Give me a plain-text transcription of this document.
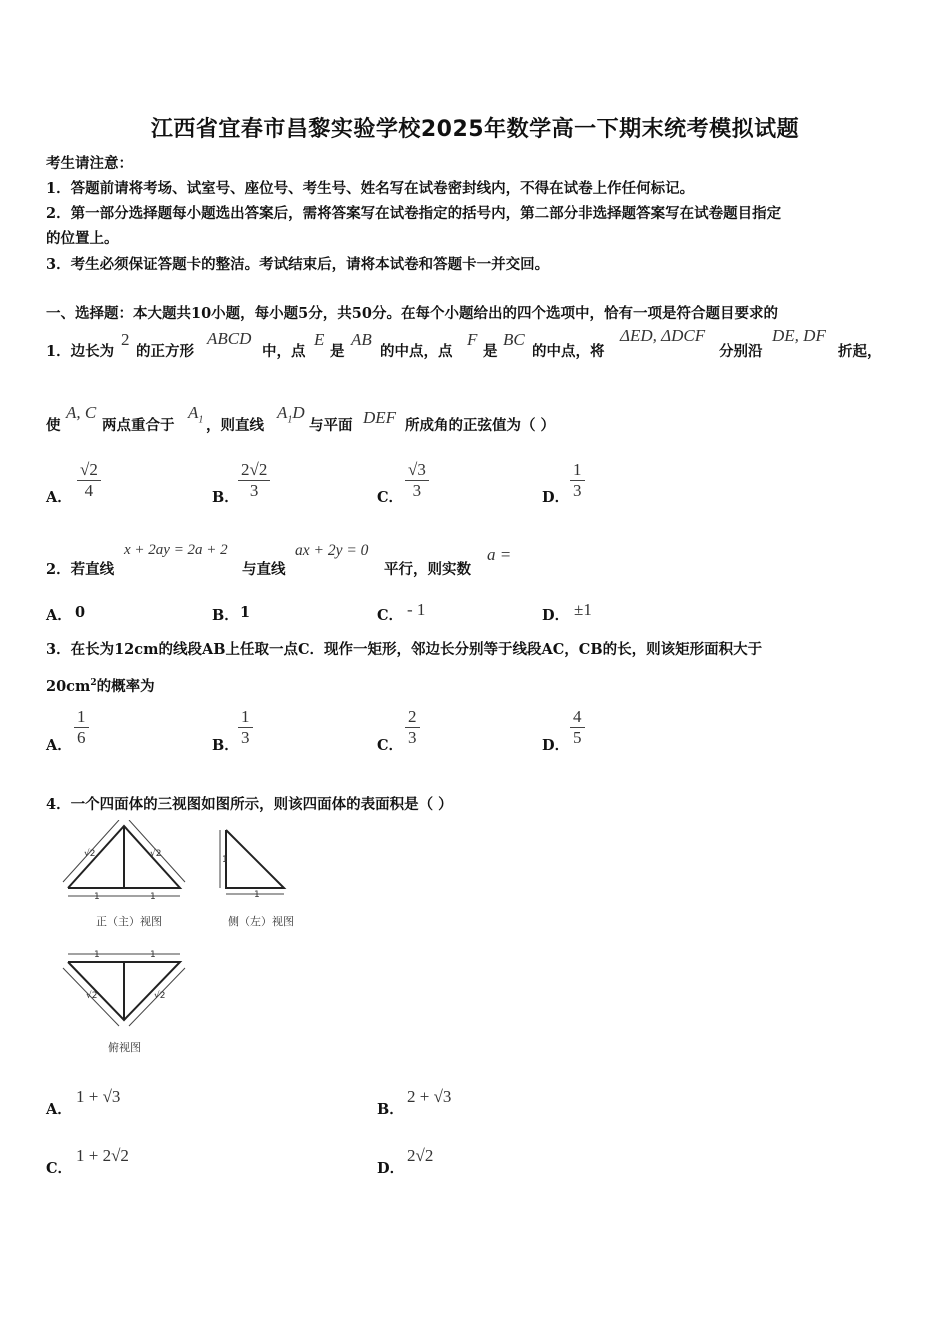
江西省宜春市昌黎实验学校2025年数学高一下期末统考模拟试题
考生请注意：
1．答题前请将考场、试室号、座位号、考生号、姓名写在试卷密封线内，不得在试卷上作任何标记。
2．第一部分选择题每小题选出答案后，需将答案写在试卷指定的括号内，第二部分非选择题答案写在试卷题目指定
的位置上。
3．考生必须保证答题卡的整洁。考试结束后，请将本试卷和答题卡一并交回。
一、选择题：本大题共10小题，每小题5分，共50分。在每个小题给出的四个选项中，恰有一项是符合题目要求的
1．边长为
2
的正方形
ABCD
中，点
E
是
AB
的中点，点
F
是
BC
的中点，将
ΔED, ΔDCF
分别沿
DE, DF
折起，
使
A, C
两点重合于
$A_1$ ，则直线
$A_1D$
与平面 DEF 所成角的正弦值为（ ）
A． $\frac{√2}{4}$	B． $\frac{2√2}{3}$	C． $\frac{√3}{3}$	D． $\frac{1}{3}$
2．若直线
x + 2ay = 2a + 2
与直线
ax + 2y = 0
平行，则实数
a =
A． 0	B． 1	C． - 1	D． ±1
3．在长为12cm的线段AB上任取一点C．现作一矩形，邻边长分别等于线段AC，CB的长，则该矩形面积大于
$20cm^2$的概率为
A． $\frac{1}{6}$	B． $\frac{1}{3}$	C． $\frac{2}{3}$	D． $\frac{4}{5}$
4．一个四面体的三视图如图所示，则该四面体的表面积是（ ）
√2	√2
1	1
正（主）视图
1
1
侧（左）视图
1	1
√2	√2
俯视图
A．
1 + √3
B．
2 + √3
C．
1 + 2√2
D．
2√2
